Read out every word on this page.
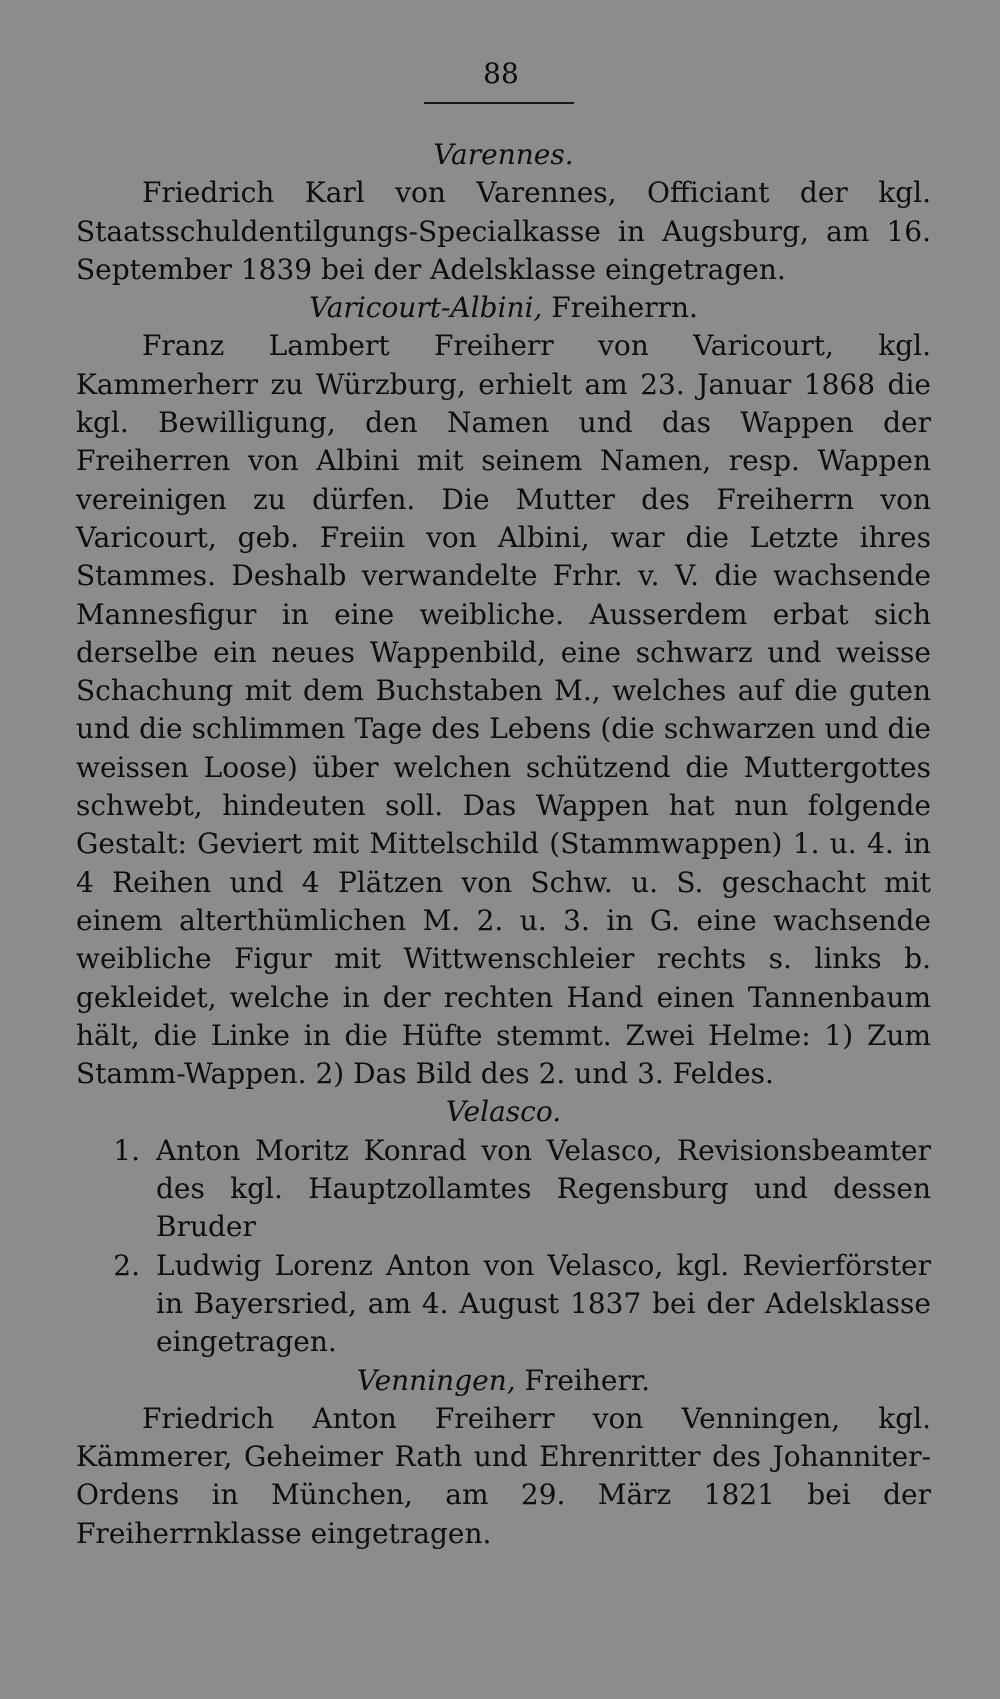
88
Varennes.

Friedrich Karl von Varennes, Officiant der kgl. Staatsschuldentilgungs-Specialkasse in Augsburg, am 16. September 1839 bei der Adelsklasse eingetragen.

Varicourt-Albini, Freiherrn.

Franz Lambert Freiherr von Varicourt, kgl. Kammerherr zu Würzburg, erhielt am 23. Januar 1868 die kgl. Bewilligung, den Namen und das Wappen der Freiherren von Albini mit seinem Namen, resp. Wappen vereinigen zu dürfen. Die Mutter des Freiherrn von Varicourt, geb. Freiin von Albini, war die Letzte ihres Stammes. Deshalb verwandelte Frhr. v. V. die wachsende Mannesfigur in eine weibliche. Ausserdem erbat sich derselbe ein neues Wappenbild, eine schwarz und weisse Schachung mit dem Buchstaben M., welches auf die guten und die schlimmen Tage des Lebens (die schwarzen und die weissen Loose) über welchen schützend die Muttergottes schwebt, hindeuten soll. Das Wappen hat nun folgende Gestalt: Geviert mit Mittelschild (Stammwappen) 1. u. 4. in 4 Reihen und 4 Plätzen von Schw. u. S. geschacht mit einem alterthümlichen M. 2. u. 3. in G. eine wachsende weibliche Figur mit Wittwenschleier rechts s. links b. gekleidet, welche in der rechten Hand einen Tannenbaum hält, die Linke in die Hüfte stemmt. Zwei Helme: 1) Zum Stamm-Wappen. 2) Das Bild des 2. und 3. Feldes.

Velasco.
1. Anton Moritz Konrad von Velasco, Revisionsbeamter des kgl. Hauptzollamtes Regensburg und dessen Bruder
2. Ludwig Lorenz Anton von Velasco, kgl. Revierförster in Bayersried, am 4. August 1837 bei der Adelsklasse eingetragen.
Venningen, Freiherr.

Friedrich Anton Freiherr von Venningen, kgl. Kämmerer, Geheimer Rath und Ehrenritter des Johanniter-Ordens in München, am 29. März 1821 bei der Freiherrnklasse eingetragen.
